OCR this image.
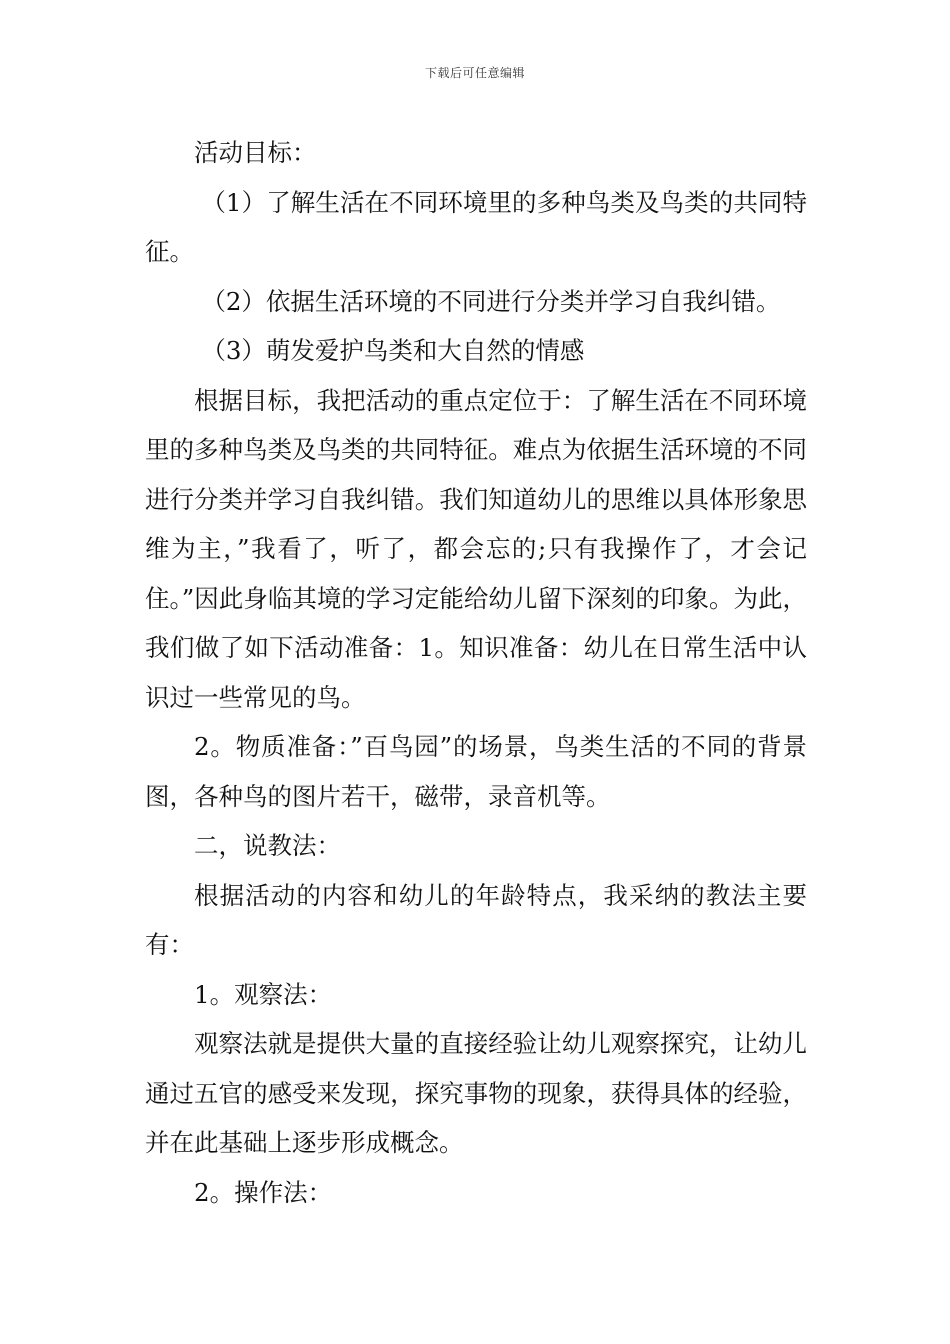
下载后可任意编辑

活动目标：

（1）了解生活在不同环境里的多种鸟类及鸟类的共同特征。

（2）依据生活环境的不同进行分类并学习自我纠错。

（3）萌发爱护鸟类和大自然的情感

根据目标，我把活动的重点定位于：了解生活在不同环境里的多种鸟类及鸟类的共同特征。难点为依据生活环境的不同进行分类并学习自我纠错。我们知道幼儿的思维以具体形象思维为主，”我看了，听了，都会忘的;只有我操作了，才会记住。”因此身临其境的学习定能给幼儿留下深刻的印象。为此，我们做了如下活动准备：1。知识准备：幼儿在日常生活中认识过一些常见的鸟。

2。物质准备：”百鸟园”的场景，鸟类生活的不同的背景图，各种鸟的图片若干，磁带，录音机等。

二，说教法：

根据活动的内容和幼儿的年龄特点，我采纳的教法主要有：

1。观察法：

观察法就是提供大量的直接经验让幼儿观察探究，让幼儿通过五官的感受来发现，探究事物的现象，获得具体的经验，并在此基础上逐步形成概念。

2。操作法：
